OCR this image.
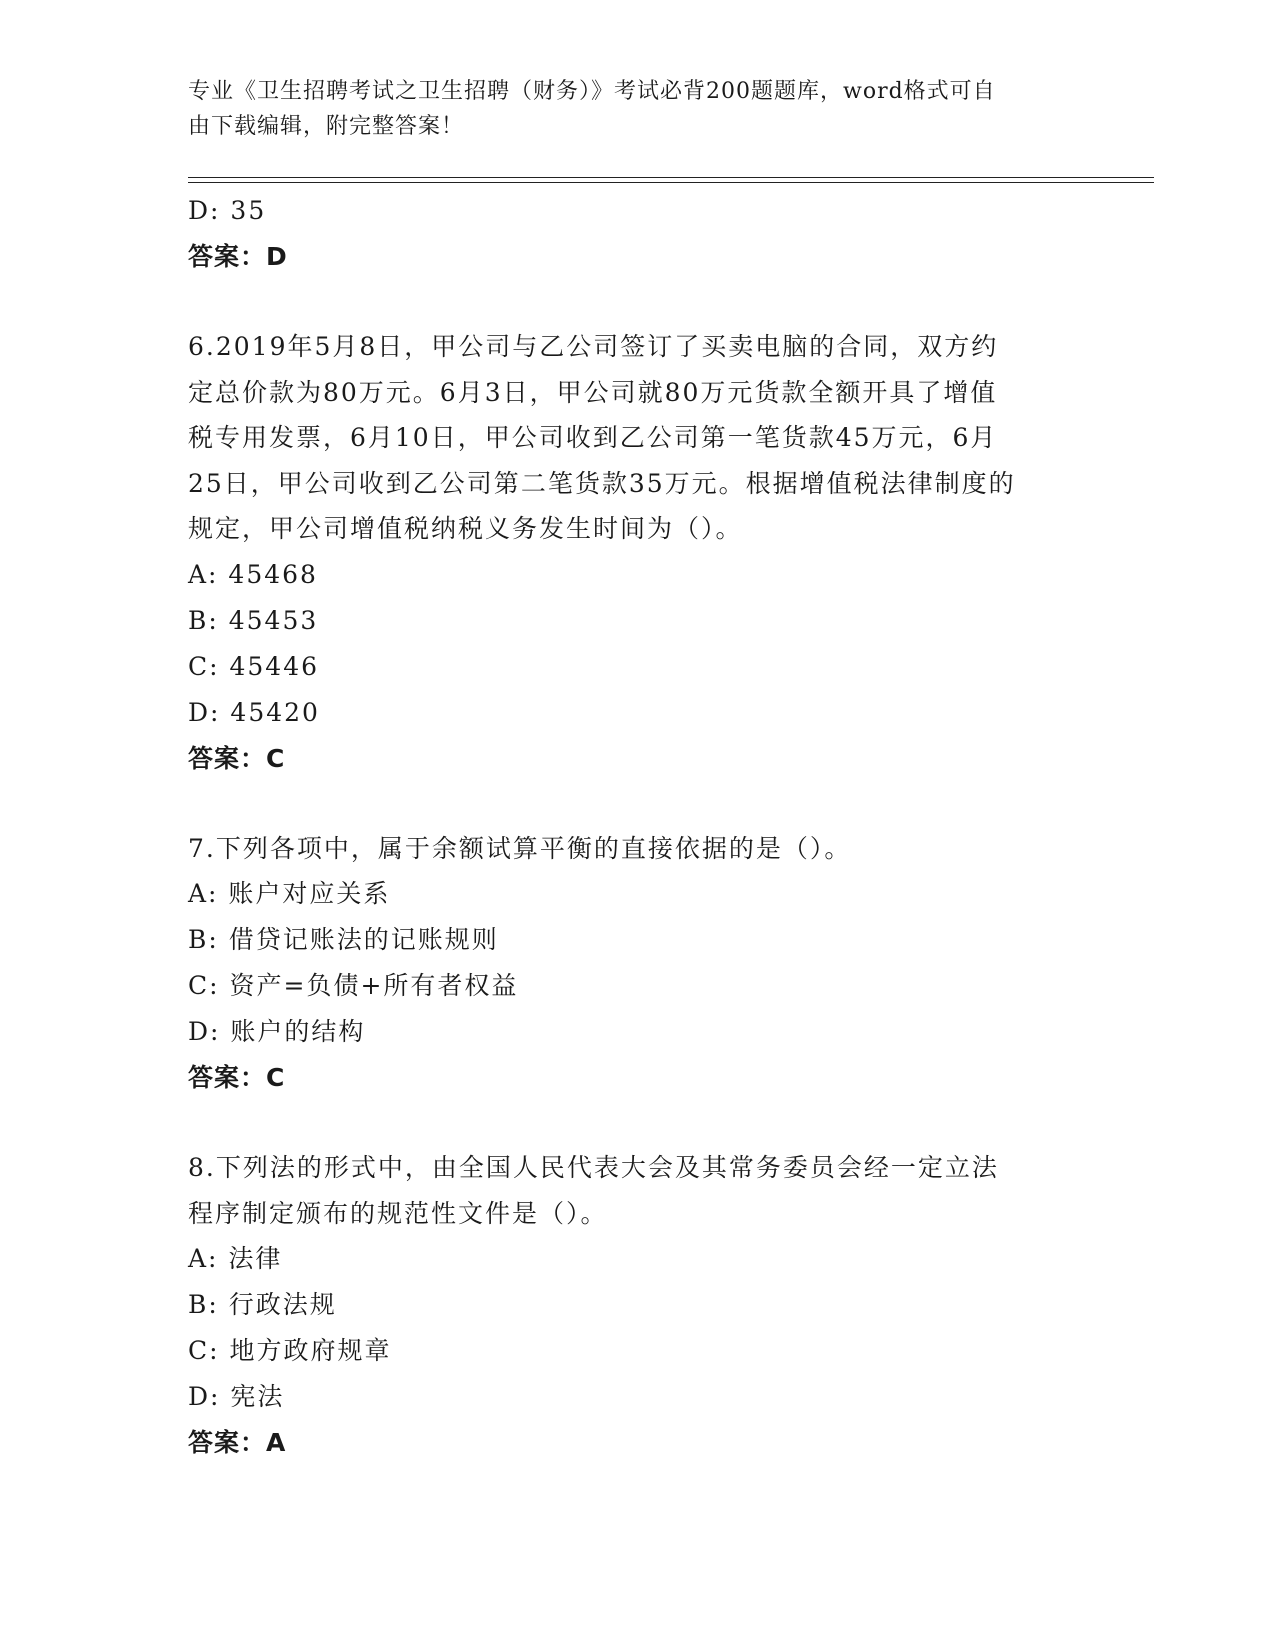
专业《卫生招聘考试之卫生招聘（财务）》考试必背200题题库，word格式可自
由下载编辑，附完整答案！
D: 35
答案：D
6.2019年5月8日，甲公司与乙公司签订了买卖电脑的合同，双方约
定总价款为80万元。6月3日，甲公司就80万元货款全额开具了增值
税专用发票，6月10日，甲公司收到乙公司第一笔货款45万元，6月
25日，甲公司收到乙公司第二笔货款35万元。根据增值税法律制度的
规定，甲公司增值税纳税义务发生时间为（）。
A: 45468
B: 45453
C: 45446
D: 45420
答案：C
7.下列各项中，属于余额试算平衡的直接依据的是（）。
A: 账户对应关系
B: 借贷记账法的记账规则
C: 资产=负债+所有者权益
D: 账户的结构
答案：C
8.下列法的形式中，由全国人民代表大会及其常务委员会经一定立法
程序制定颁布的规范性文件是（）。
A: 法律
B: 行政法规
C: 地方政府规章
D: 宪法
答案：A
